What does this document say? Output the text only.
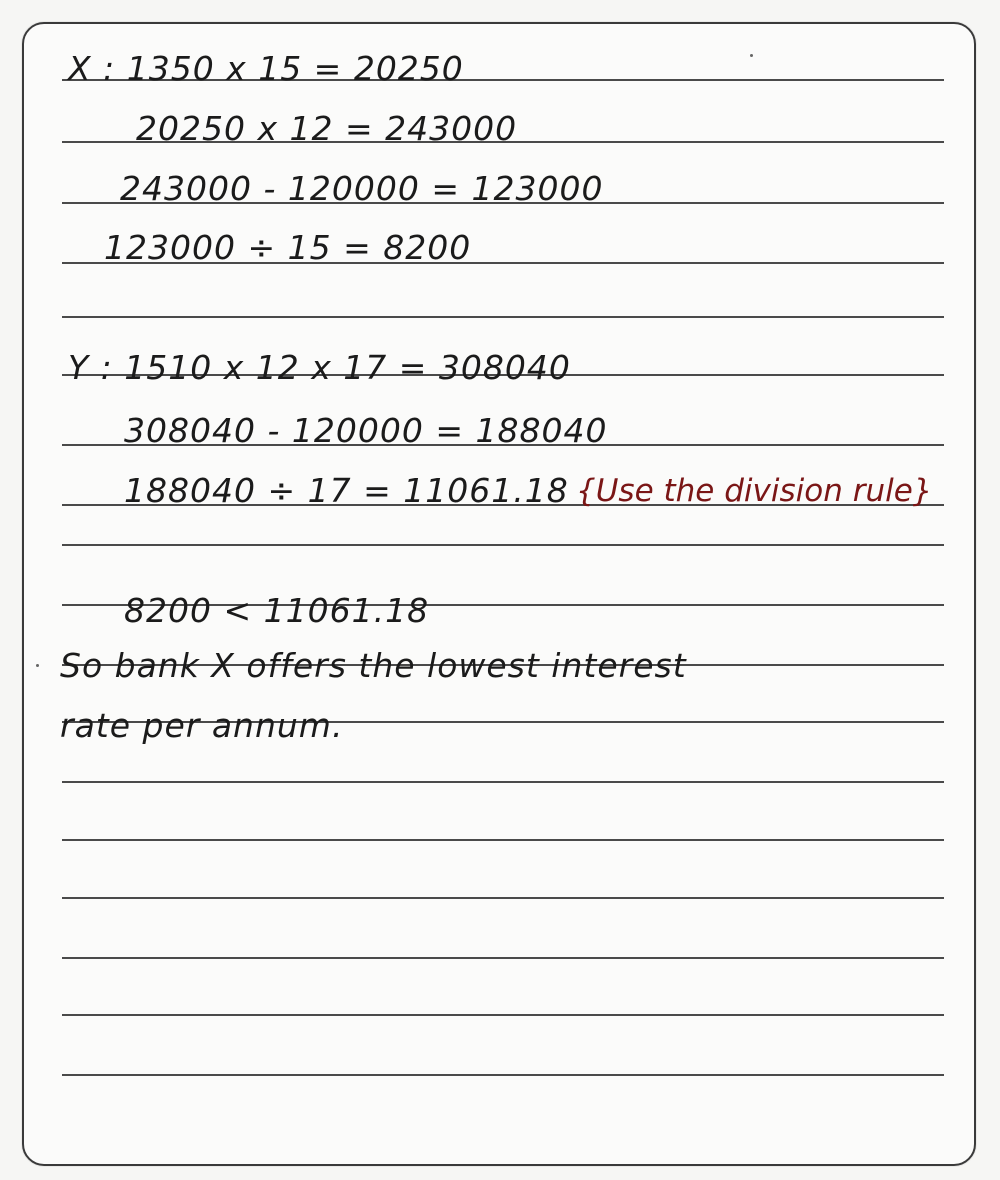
X : 1350 x 15 = 20250
20250 x 12 = 243000
243000 - 120000 = 123000
123000 ÷ 15 = 8200
Y : 1510 x 12 x 17 = 308040
308040 - 120000 = 188040
188040 ÷ 17 = 11061.18 {Use the division rule}
8200 < 11061.18
So bank X offers the lowest interest
rate per annum.
